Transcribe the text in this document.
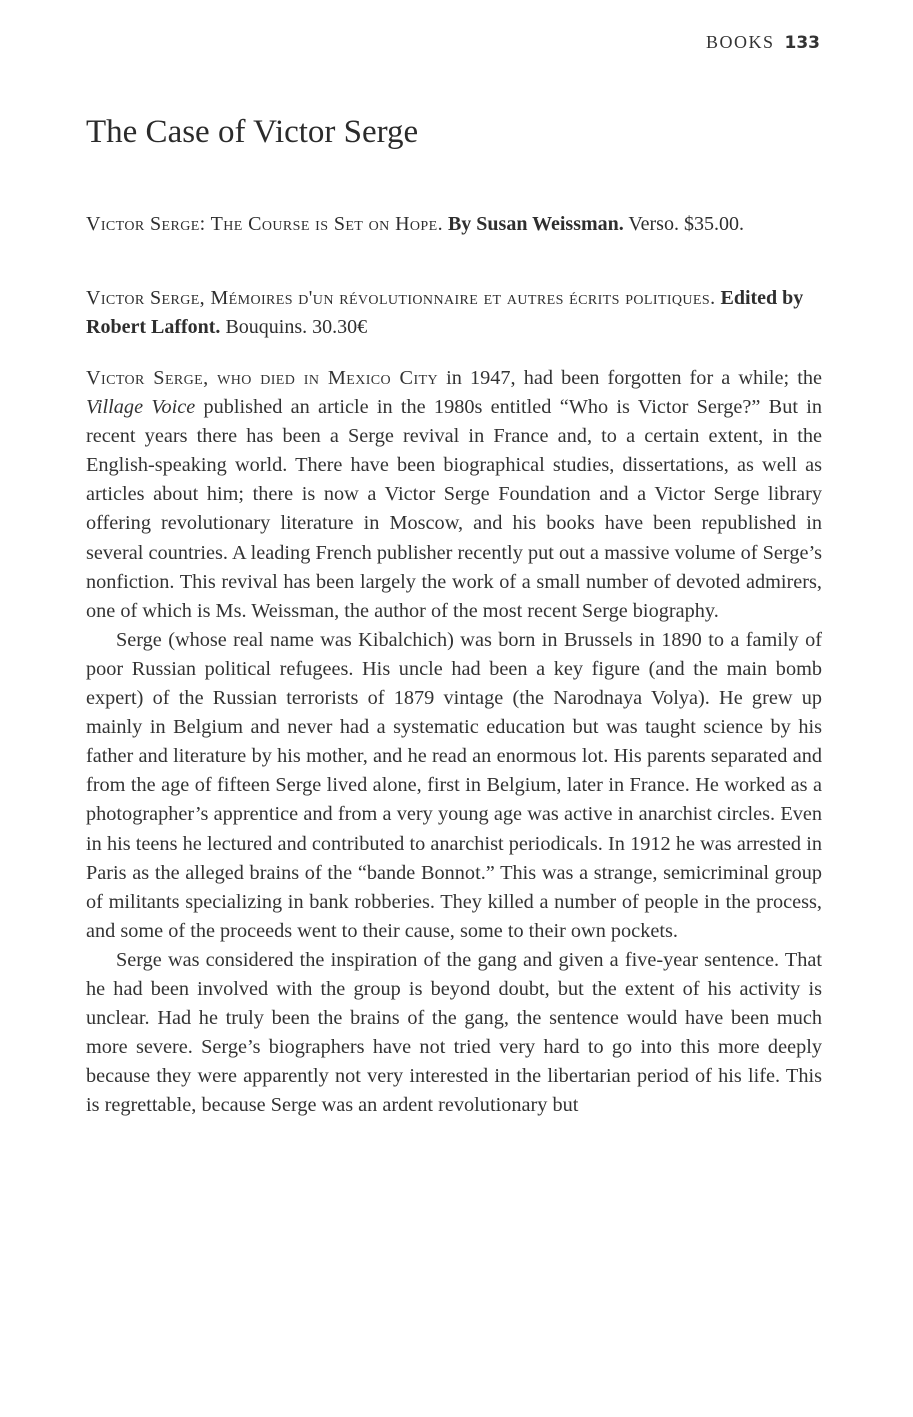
BOOKS 133
The Case of Victor Serge

Victor Serge: The Course is Set on Hope. By Susan Weissman. Verso. $35.00.

Victor Serge, Mémoires d'un révolutionnaire et autres écrits politiques. Edited by Robert Laffont. Bouquins. 30.30€

Victor Serge, who died in Mexico City in 1947, had been forgotten for a while; the Village Voice published an article in the 1980s entitled “Who is Victor Serge?” But in recent years there has been a Serge revival in France and, to a certain extent, in the English-speaking world. There have been biographical studies, dissertations, as well as articles about him; there is now a Victor Serge Foundation and a Victor Serge library offering revolutionary literature in Moscow, and his books have been republished in several countries. A leading French publisher recently put out a massive volume of Serge’s nonfiction. This revival has been largely the work of a small number of devoted admirers, one of which is Ms. Weissman, the author of the most recent Serge biography.

Serge (whose real name was Kibalchich) was born in Brussels in 1890 to a family of poor Russian political refugees. His uncle had been a key figure (and the main bomb expert) of the Russian terrorists of 1879 vintage (the Narodnaya Volya). He grew up mainly in Belgium and never had a systematic education but was taught science by his father and literature by his mother, and he read an enormous lot. His parents separated and from the age of fifteen Serge lived alone, first in Belgium, later in France. He worked as a photographer’s apprentice and from a very young age was active in anarchist circles. Even in his teens he lectured and contributed to anarchist periodicals. In 1912 he was arrested in Paris as the alleged brains of the “bande Bonnot.” This was a strange, semicriminal group of militants specializing in bank robberies. They killed a number of people in the process, and some of the proceeds went to their cause, some to their own pockets.

Serge was considered the inspiration of the gang and given a five-year sentence. That he had been involved with the group is beyond doubt, but the extent of his activity is unclear. Had he truly been the brains of the gang, the sentence would have been much more severe. Serge’s biographers have not tried very hard to go into this more deeply because they were apparently not very interested in the libertarian period of his life. This is regrettable, because Serge was an ardent revolutionary but
